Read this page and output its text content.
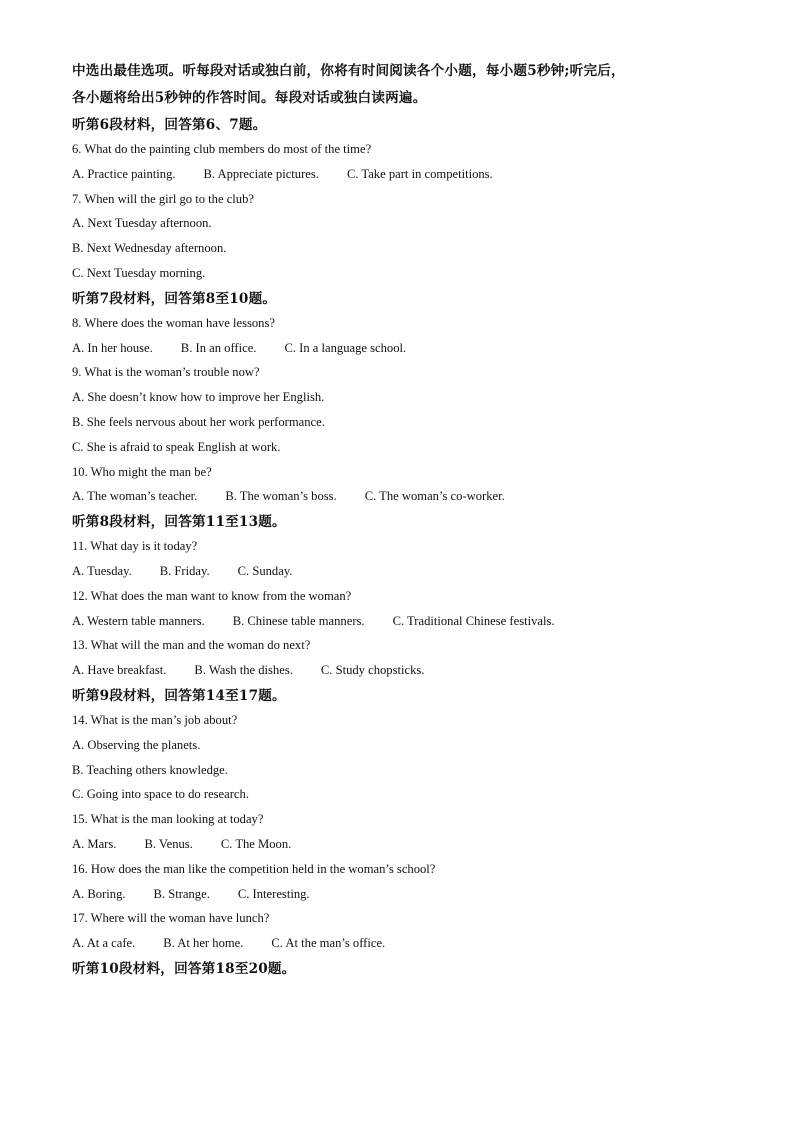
中选出最佳选项。听每段对话或独白前，你将有时间阅读各个小题，每小题5秒钟;听完后，
各小题将给出5秒钟的作答时间。每段对话或独白读两遍。
听第6段材料，回答第6、7题。
6. What do the painting club members do most of the time?
A. Practice painting. B. Appreciate pictures. C. Take part in competitions.
7. When will the girl go to the club?
A. Next Tuesday afternoon.
B. Next Wednesday afternoon.
C. Next Tuesday morning.
听第7段材料，回答第8至10题。
8. Where does the woman have lessons?
A. In her house. B. In an office. C. In a language school.
9. What is the woman’s trouble now?
A. She doesn’t know how to improve her English.
B. She feels nervous about her work performance.
C. She is afraid to speak English at work.
10. Who might the man be?
A. The woman’s teacher. B. The woman’s boss. C. The woman’s co-worker.
听第8段材料，回答第11至13题。
11. What day is it today?
A. Tuesday. B. Friday. C. Sunday.
12. What does the man want to know from the woman?
A. Western table manners. B. Chinese table manners. C. Traditional Chinese festivals.
13. What will the man and the woman do next?
A. Have breakfast. B. Wash the dishes. C. Study chopsticks.
听第9段材料，回答第14至17题。
14. What is the man’s job about?
A. Observing the planets.
B. Teaching others knowledge.
C. Going into space to do research.
15. What is the man looking at today?
A. Mars. B. Venus. C. The Moon.
16. How does the man like the competition held in the woman’s school?
A. Boring. B. Strange. C. Interesting.
17. Where will the woman have lunch?
A. At a cafe. B. At her home. C. At the man’s office.
听第10段材料，回答第18至20题。
